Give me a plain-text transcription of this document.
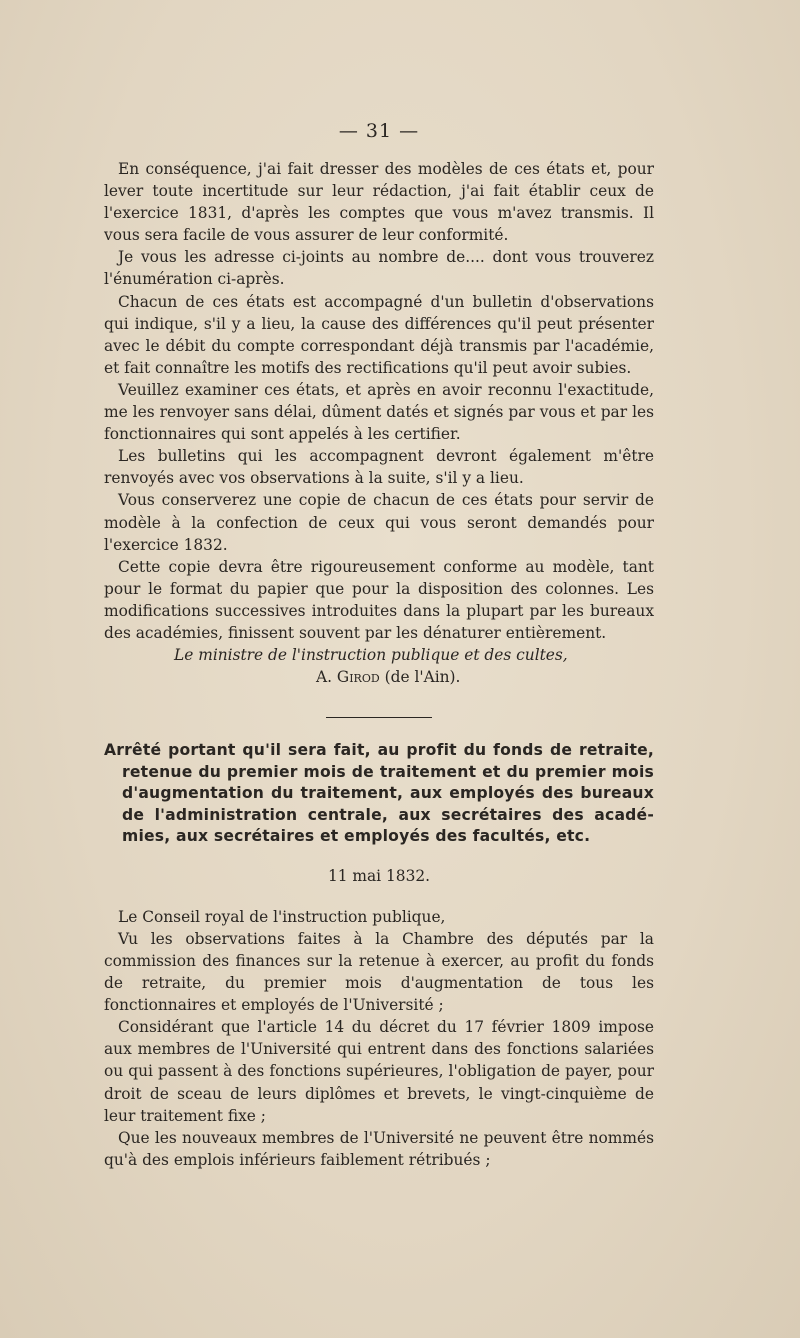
— 31 —

En conséquence, j'ai fait dresser des modèles de ces états et, pour lever toute incertitude sur leur rédaction, j'ai fait établir ceux de l'exercice 1831, d'après les comptes que vous m'avez transmis. Il vous sera facile de vous assurer de leur conformité.

Je vous les adresse ci-joints au nombre de.... dont vous trouverez l'énumération ci-après.

Chacun de ces états est accompagné d'un bulletin d'observations qui indique, s'il y a lieu, la cause des différences qu'il peut présenter avec le débit du compte correspondant déjà transmis par l'académie, et fait connaître les motifs des rectifications qu'il peut avoir subies.

Veuillez examiner ces états, et après en avoir reconnu l'exactitude, me les renvoyer sans délai, dûment datés et signés par vous et par les fonctionnaires qui sont appelés à les certifier.

Les bulletins qui les accompagnent devront également m'être renvoyés avec vos observations à la suite, s'il y a lieu.

Vous conserverez une copie de chacun de ces états pour servir de modèle à la confection de ceux qui vous seront demandés pour l'exercice 1832.

Cette copie devra être rigoureusement conforme au modèle, tant pour le format du papier que pour la disposition des colonnes. Les modifications successives introduites dans la plupart par les bureaux des académies, finissent souvent par les dénaturer entièrement.

Le ministre de l'instruction publique et des cultes,
A. Girod (de l'Ain).
Arrêté portant qu'il sera fait, au profit du fonds de retraite,
retenue du premier mois de traitement et du premier mois
d'augmentation du traitement, aux employés des bureaux
de l'administration centrale, aux secrétaires des acadé-
mies, aux secrétaires et employés des facultés, etc.
11 mai 1832.

Le Conseil royal de l'instruction publique,

Vu les observations faites à la Chambre des députés par la commission des finances sur la retenue à exercer, au profit du fonds de retraite, du premier mois d'augmentation de tous les fonctionnaires et employés de l'Université ;

Considérant que l'article 14 du décret du 17 février 1809 impose aux membres de l'Université qui entrent dans des fonctions salariées ou qui passent à des fonctions supérieures, l'obligation de payer, pour droit de sceau de leurs diplômes et brevets, le vingt-cinquième de leur traitement fixe ;

Que les nouveaux membres de l'Université ne peuvent être nommés qu'à des emplois inférieurs faiblement rétribués ;
